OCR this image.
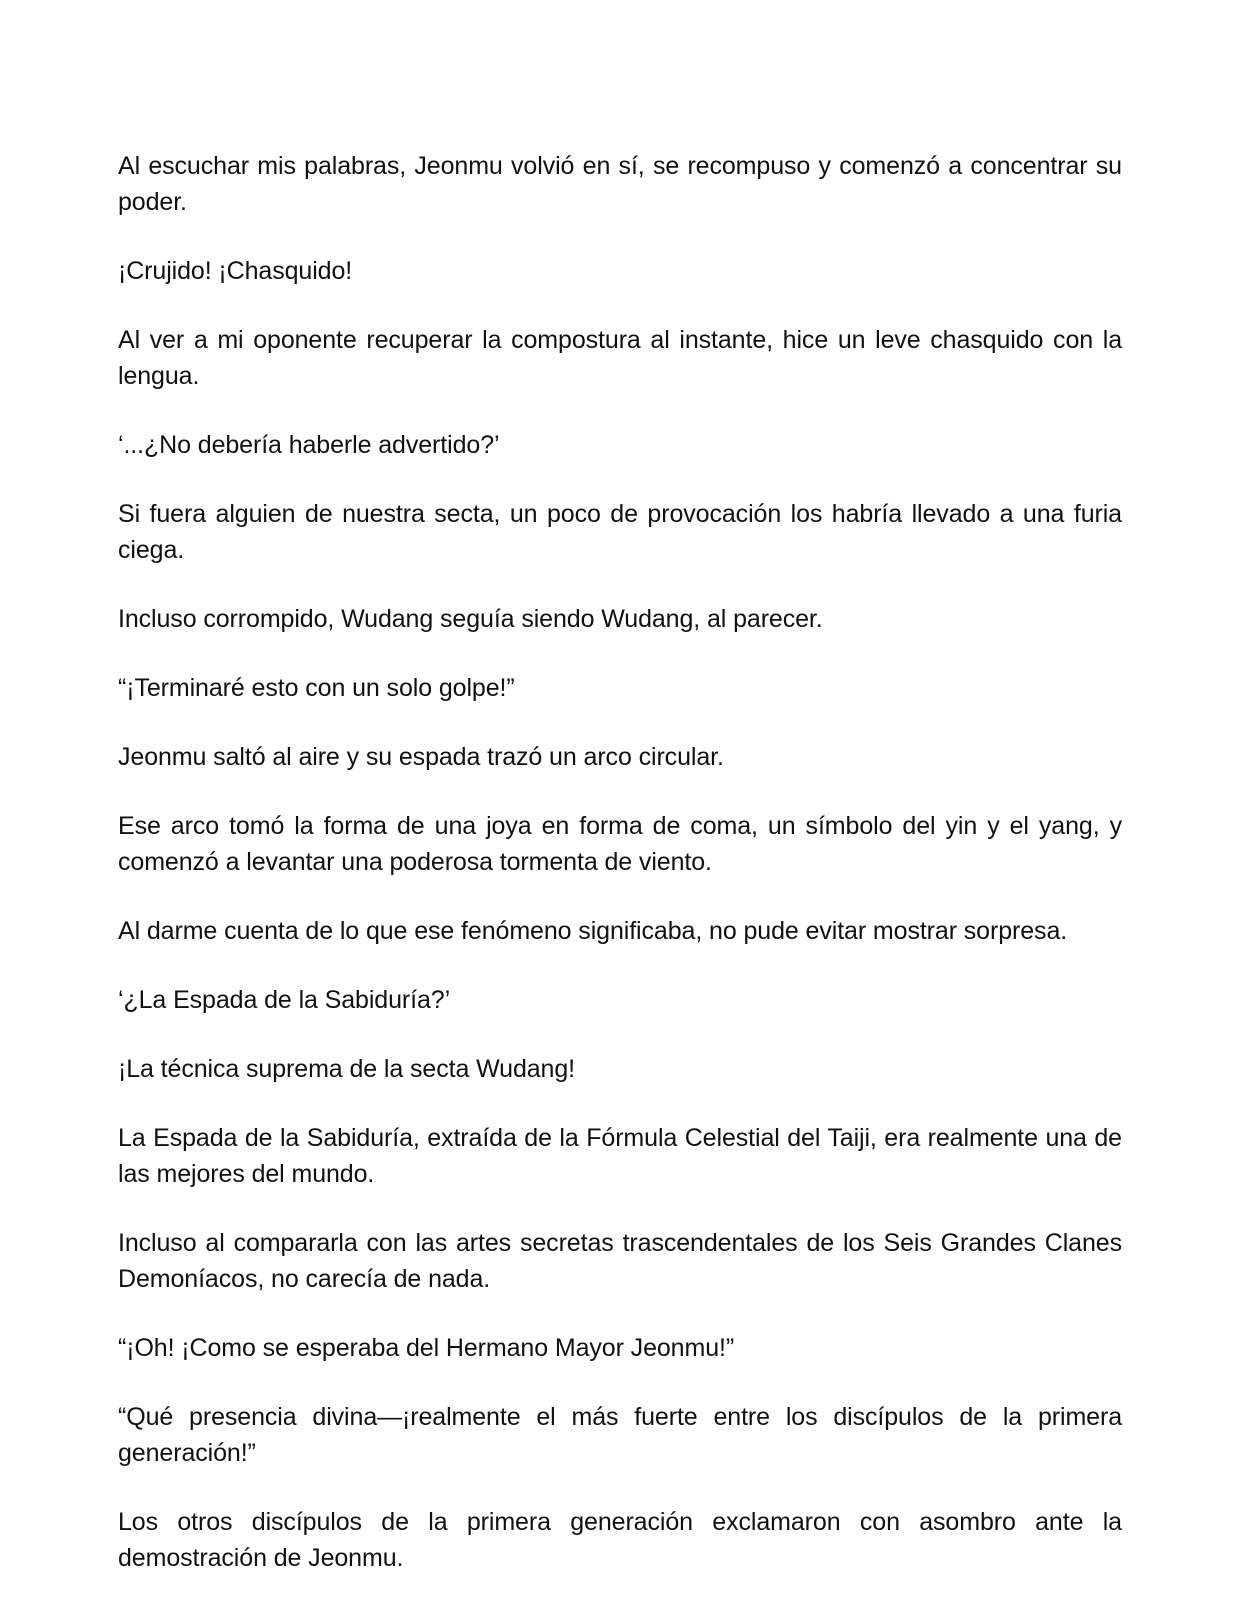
Al escuchar mis palabras, Jeonmu volvió en sí, se recompuso y comenzó a concentrar su poder.

¡Crujido! ¡Chasquido!

Al ver a mi oponente recuperar la compostura al instante, hice un leve chasquido con la lengua.

‘...¿No debería haberle advertido?’

Si fuera alguien de nuestra secta, un poco de provocación los habría llevado a una furia ciega.

Incluso corrompido, Wudang seguía siendo Wudang, al parecer.

“¡Terminaré esto con un solo golpe!”

Jeonmu saltó al aire y su espada trazó un arco circular.

Ese arco tomó la forma de una joya en forma de coma, un símbolo del yin y el yang, y comenzó a levantar una poderosa tormenta de viento.

Al darme cuenta de lo que ese fenómeno significaba, no pude evitar mostrar sorpresa.

‘¿La Espada de la Sabiduría?’

¡La técnica suprema de la secta Wudang!

La Espada de la Sabiduría, extraída de la Fórmula Celestial del Taiji, era realmente una de las mejores del mundo.

Incluso al compararla con las artes secretas trascendentales de los Seis Grandes Clanes Demoníacos, no carecía de nada.

“¡Oh! ¡Como se esperaba del Hermano Mayor Jeonmu!”

“Qué presencia divina—¡realmente el más fuerte entre los discípulos de la primera generación!”

Los otros discípulos de la primera generación exclamaron con asombro ante la demostración de Jeonmu.
